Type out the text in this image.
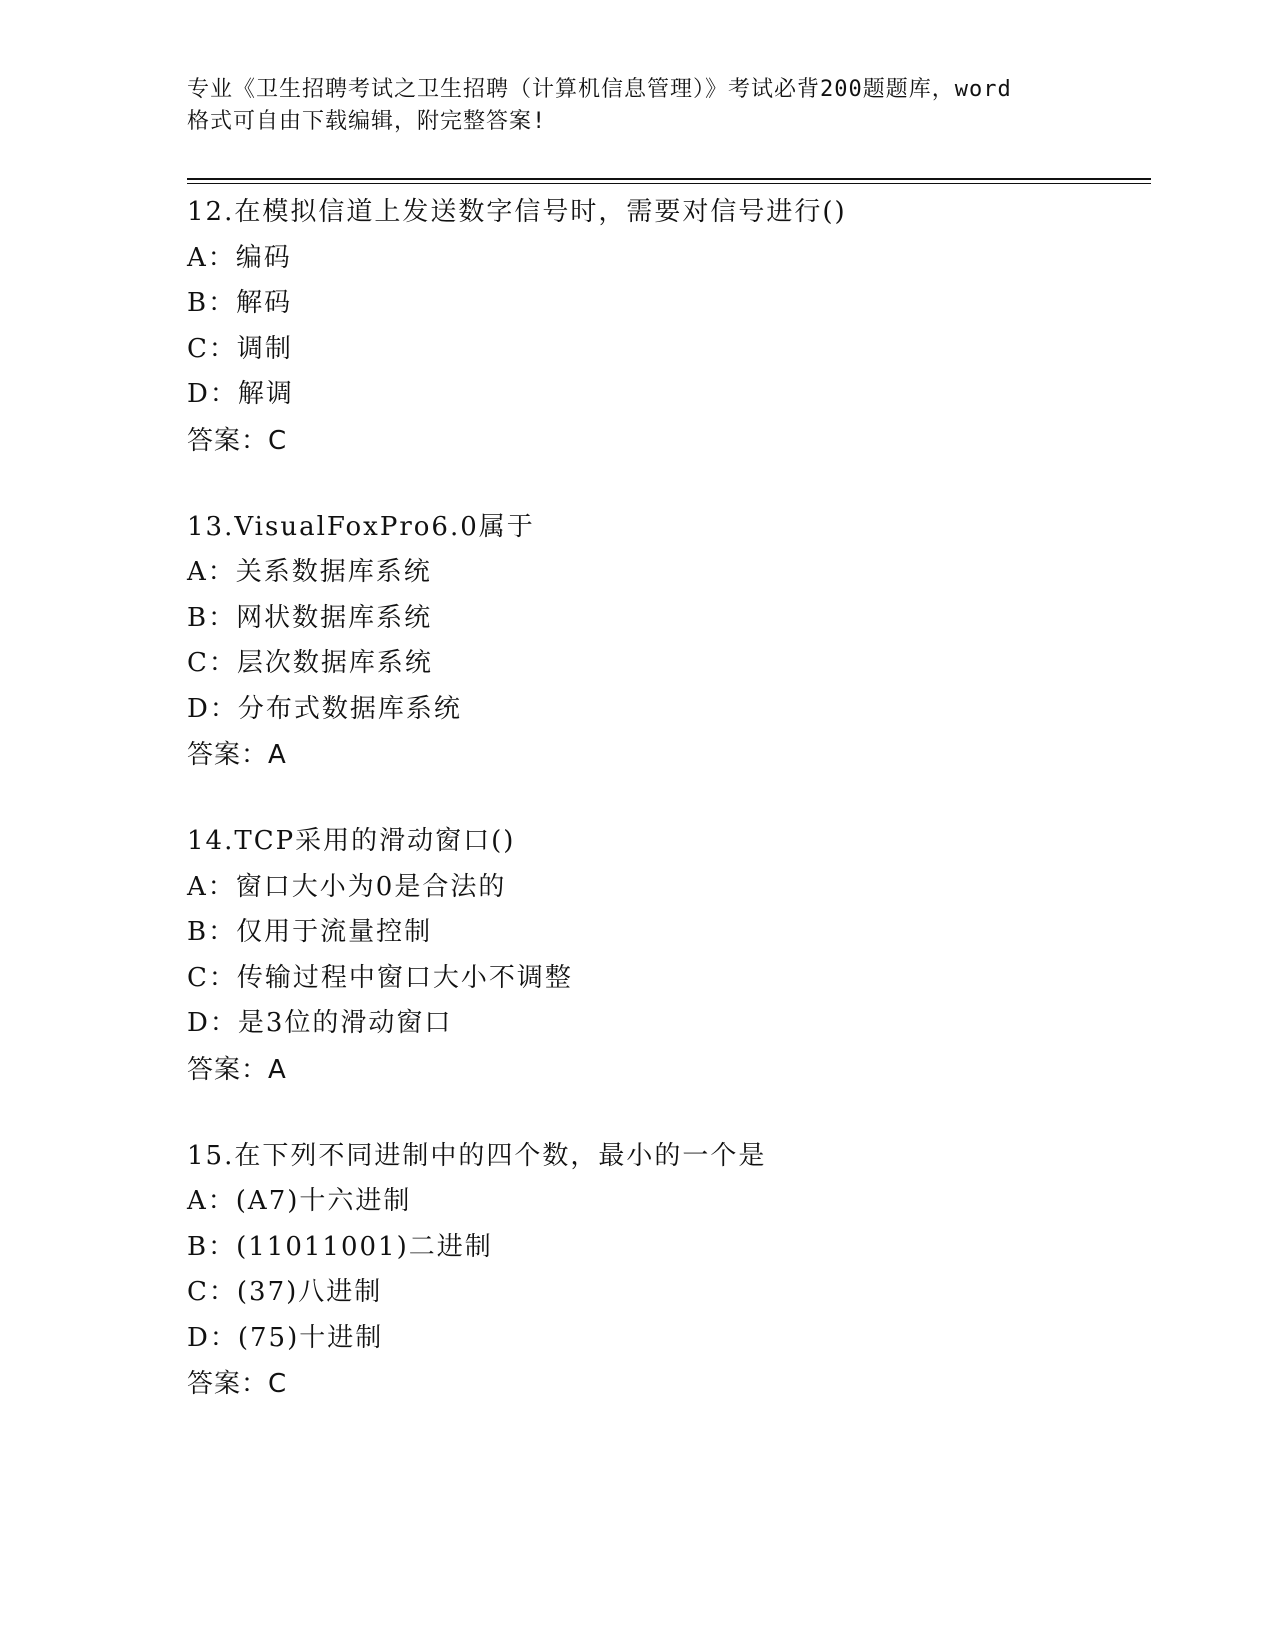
专业《卫生招聘考试之卫生招聘（计算机信息管理）》考试必背200题题库，word
格式可自由下载编辑，附完整答案!
12.在模拟信道上发送数字信号时，需要对信号进行()
A：编码
B：解码
C：调制
D：解调
答案：C
13.VisualFoxPro6.0属于
A：关系数据库系统
B：网状数据库系统
C：层次数据库系统
D：分布式数据库系统
答案：A
14.TCP采用的滑动窗口()
A：窗口大小为0是合法的
B：仅用于流量控制
C：传输过程中窗口大小不调整
D：是3位的滑动窗口
答案：A
15.在下列不同进制中的四个数，最小的一个是
A：(A7)十六进制
B：(11011001)二进制
C：(37)八进制
D：(75)十进制
答案：C
